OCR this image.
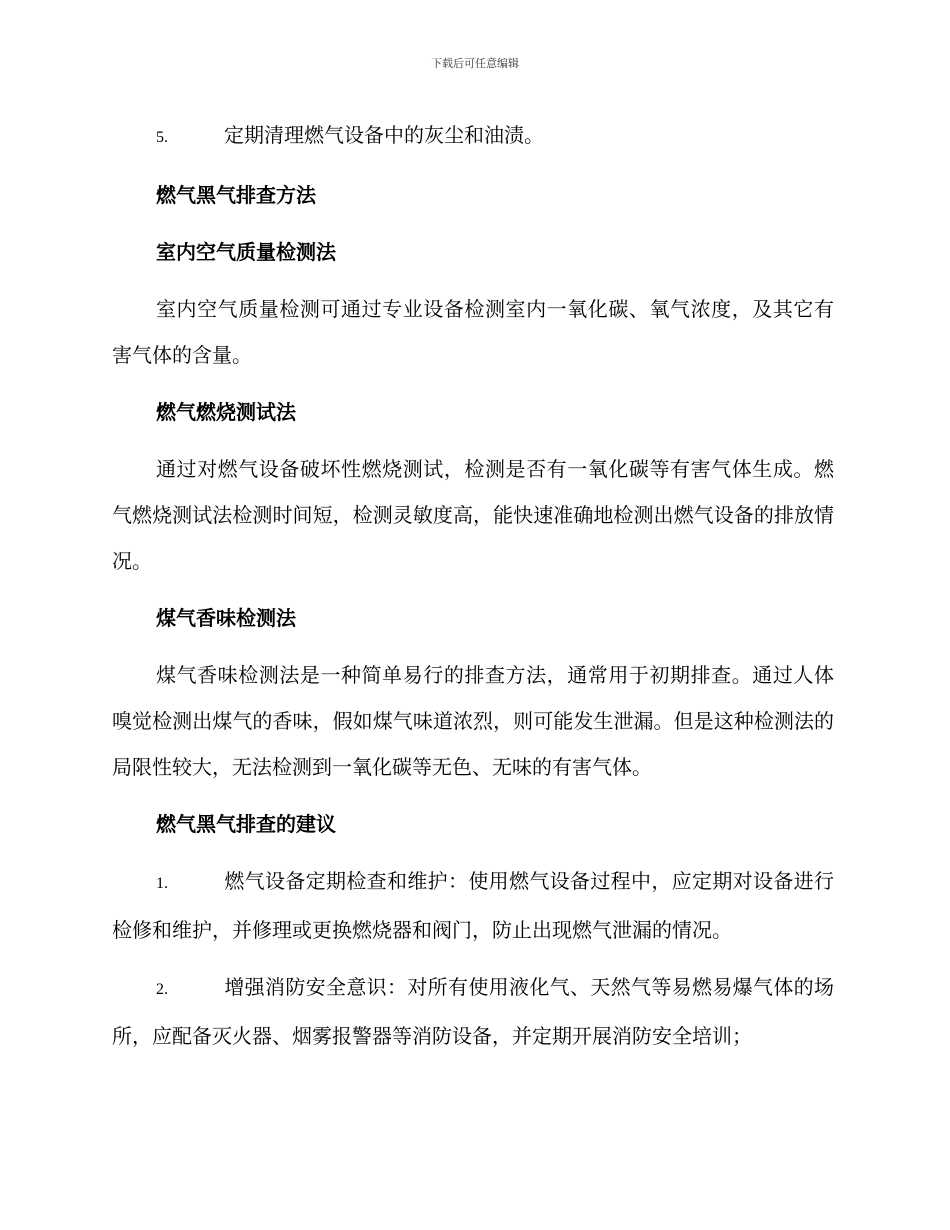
下载后可任意编辑

5.	定期清理燃气设备中的灰尘和油渍。

燃气黑气排查方法

室内空气质量检测法

室内空气质量检测可通过专业设备检测室内一氧化碳、氧气浓度，及其它有害气体的含量。

燃气燃烧测试法

通过对燃气设备破坏性燃烧测试，检测是否有一氧化碳等有害气体生成。燃气燃烧测试法检测时间短，检测灵敏度高，能快速准确地检测出燃气设备的排放情况。

煤气香味检测法

煤气香味检测法是一种简单易行的排查方法，通常用于初期排查。通过人体嗅觉检测出煤气的香味，假如煤气味道浓烈，则可能发生泄漏。但是这种检测法的局限性较大，无法检测到一氧化碳等无色、无味的有害气体。

燃气黑气排查的建议

1.	燃气设备定期检查和维护：使用燃气设备过程中，应定期对设备进行检修和维护，并修理或更换燃烧器和阀门，防止出现燃气泄漏的情况。

2.	增强消防安全意识：对所有使用液化气、天然气等易燃易爆气体的场所，应配备灭火器、烟雾报警器等消防设备，并定期开展消防安全培训；
